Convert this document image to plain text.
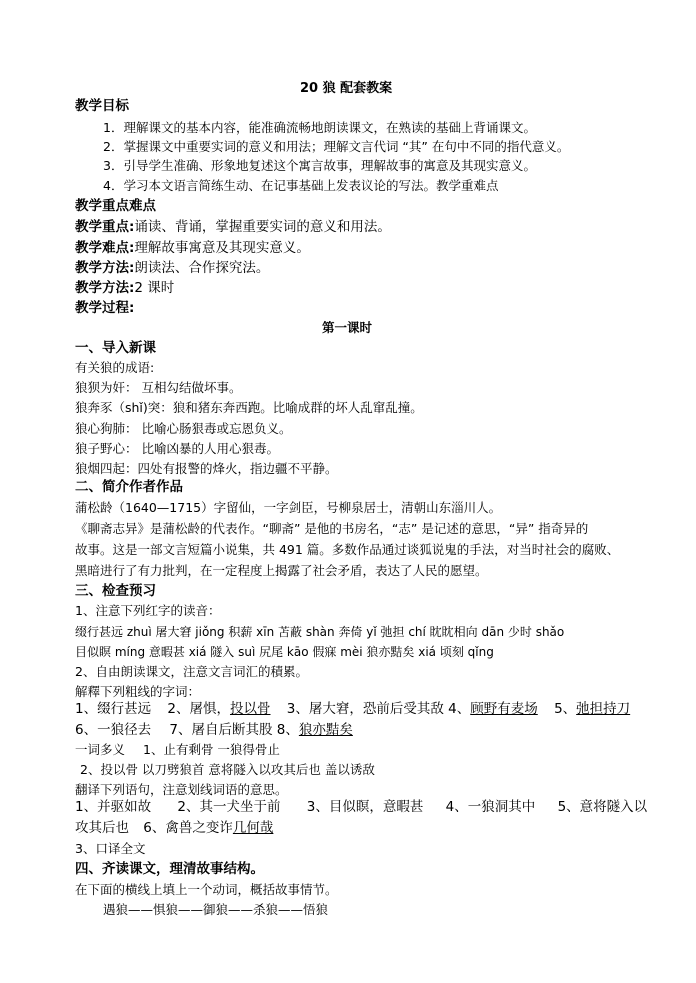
20 狼 配套教案
教学目标
1．理解课文的基本内容，能准确流畅地朗读课文，在熟读的基础上背诵课文。
2．掌握课文中重要实词的意义和用法；理解文言代词 “其” 在句中不同的指代意义。
3．引导学生准确、形象地复述这个寓言故事，理解故事的寓意及其现实意义。
4．学习本文语言简练生动、在记事基础上发表议论的写法。教学重难点
教学重点难点
教学重点:诵读、背诵，掌握重要实词的意义和用法。
教学难点:理解故事寓意及其现实意义。
教学方法:朗读法、合作探究法。
教学方法:2 课时
教学过程:
第一课时
一、导入新课
有关狼的成语:
狼狈为奸： 互相勾结做坏事。
狼奔豕（shǐ)突：狼和猪东奔西跑。比喻成群的坏人乱窜乱撞。
狼心狗肺： 比喻心肠狠毒或忘恩负义。
狼子野心： 比喻凶暴的人用心狠毒。
狼烟四起：四处有报警的烽火，指边疆不平静。
二、简介作者作品
蒲松龄（1640—1715）字留仙，一字剑臣，号柳泉居士，清朝山东淄川人。
《聊斋志异》是蒲松龄的代表作。“聊斋” 是他的书房名，“志” 是记述的意思，“异” 指奇异的
故事。这是一部文言短篇小说集，共 491 篇。多数作品通过谈狐说鬼的手法，对当时社会的腐败、
黑暗进行了有力批判，在一定程度上揭露了社会矛盾，表达了人民的愿望。
三、检查预习
1、注意下列红字的读音：
缀行甚远 zhuì 屠大窘 jiǒng 积薪 xīn 苫蔽 shàn 奔倚 yǐ 弛担 chí 眈眈相向 dān 少时 shǎo
目似瞑 míng 意暇甚 xiá 隧入 suì 尻尾 kāo 假寐 mèi 狼亦黠矣 xiá 顷刻 qǐng
2、自由朗读课文，注意文言词汇的積累。
解釋下列粗线的字词：
1、缀行甚远 2、屠惧，投以骨 3、屠大窘，恐前后受其敌 4、顾野有麦场 5、弛担持刀
6、一狼径去 7、屠自后断其股 8、狼亦黠矣
一词多义 1、止有剩骨 一狼得骨止
2、投以骨 以刀劈狼首 意将隧入以攻其后也 盖以诱敌
翻译下列语句，注意划线词语的意思。
1、并驱如故 2、其一犬坐于前 3、目似瞑，意暇甚 4、一狼洞其中 5、意将隧入以
攻其后也 6、禽兽之变诈几何哉
3、口译全文
四、齐读课文，理清故事结构。
在下面的横线上填上一个动词，概括故事情节。
遇狼——惧狼——御狼——杀狼——悟狼
